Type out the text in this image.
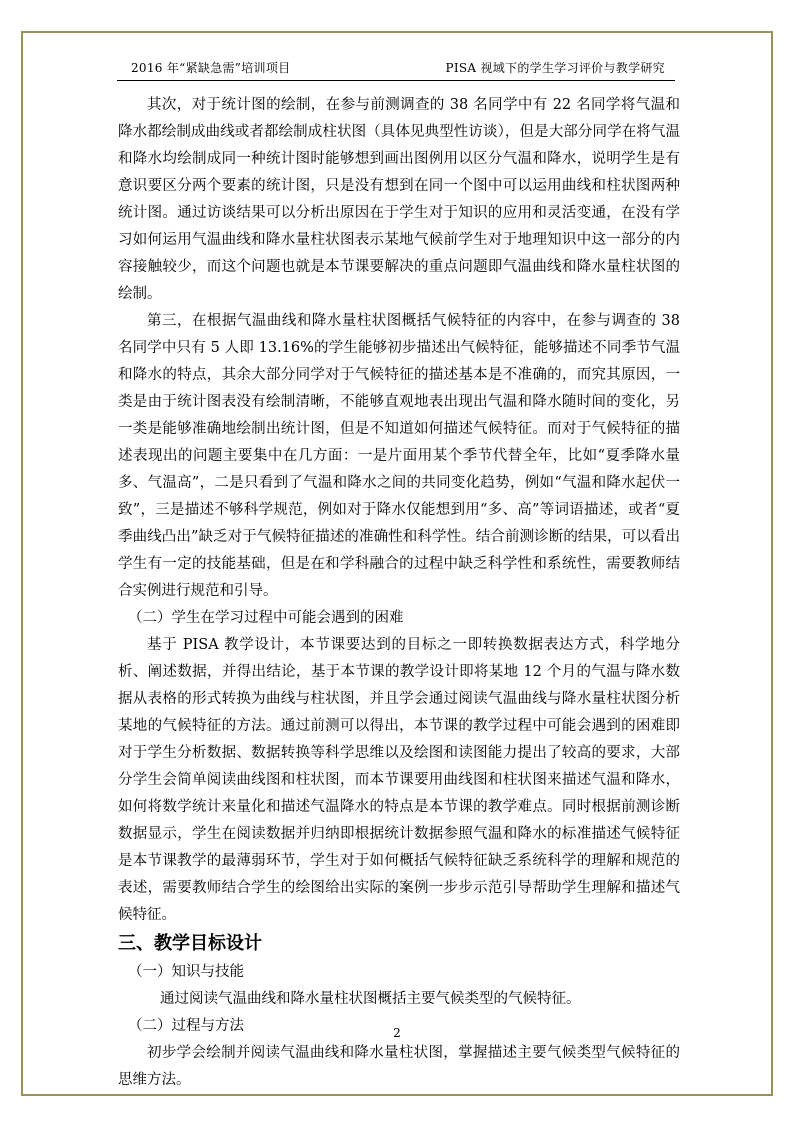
2016 年“紧缺急需”培训项目	PISA 视域下的学生学习评价与教学研究

其次，对于统计图的绘制，在参与前测调查的 38 名同学中有 22 名同学将气温和降水都绘制成曲线或者都绘制成柱状图（具体见典型性访谈），但是大部分同学在将气温和降水均绘制成同一种统计图时能够想到画出图例用以区分气温和降水，说明学生是有意识要区分两个要素的统计图，只是没有想到在同一个图中可以运用曲线和柱状图两种统计图。通过访谈结果可以分析出原因在于学生对于知识的应用和灵活变通，在没有学习如何运用气温曲线和降水量柱状图表示某地气候前学生对于地理知识中这一部分的内容接触较少，而这个问题也就是本节课要解决的重点问题即气温曲线和降水量柱状图的绘制。

第三，在根据气温曲线和降水量柱状图概括气候特征的内容中，在参与调查的 38 名同学中只有 5 人即 13.16%的学生能够初步描述出气候特征，能够描述不同季节气温和降水的特点，其余大部分同学对于气候特征的描述基本是不准确的，而究其原因，一类是由于统计图表没有绘制清晰，不能够直观地表出现出气温和降水随时间的变化，另一类是能够准确地绘制出统计图，但是不知道如何描述气候特征。而对于气候特征的描述表现出的问题主要集中在几方面：一是片面用某个季节代替全年，比如“夏季降水量多、气温高”，二是只看到了气温和降水之间的共同变化趋势，例如“气温和降水起伏一致”，三是描述不够科学规范，例如对于降水仅能想到用“多、高”等词语描述，或者“夏季曲线凸出”缺乏对于气候特征描述的准确性和科学性。结合前测诊断的结果，可以看出学生有一定的技能基础，但是在和学科融合的过程中缺乏科学性和系统性，需要教师结合实例进行规范和引导。

（二）学生在学习过程中可能会遇到的困难

基于 PISA 教学设计，本节课要达到的目标之一即转换数据表达方式，科学地分析、阐述数据，并得出结论，基于本节课的教学设计即将某地 12 个月的气温与降水数据从表格的形式转换为曲线与柱状图，并且学会通过阅读气温曲线与降水量柱状图分析某地的气候特征的方法。通过前测可以得出，本节课的教学过程中可能会遇到的困难即对于学生分析数据、数据转换等科学思维以及绘图和读图能力提出了较高的要求，大部分学生会简单阅读曲线图和柱状图，而本节课要用曲线图和柱状图来描述气温和降水，如何将数学统计来量化和描述气温降水的特点是本节课的教学难点。同时根据前测诊断数据显示，学生在阅读数据并归纳即根据统计数据参照气温和降水的标准描述气候特征是本节课教学的最薄弱环节，学生对于如何概括气候特征缺乏系统科学的理解和规范的表述，需要教师结合学生的绘图给出实际的案例一步步示范引导帮助学生理解和描述气候特征。

三、教学目标设计

（一）知识与技能

通过阅读气温曲线和降水量柱状图概括主要气候类型的气候特征。

（二）过程与方法

初步学会绘制并阅读气温曲线和降水量柱状图，掌握描述主要气候类型气候特征的思维方法。

2
